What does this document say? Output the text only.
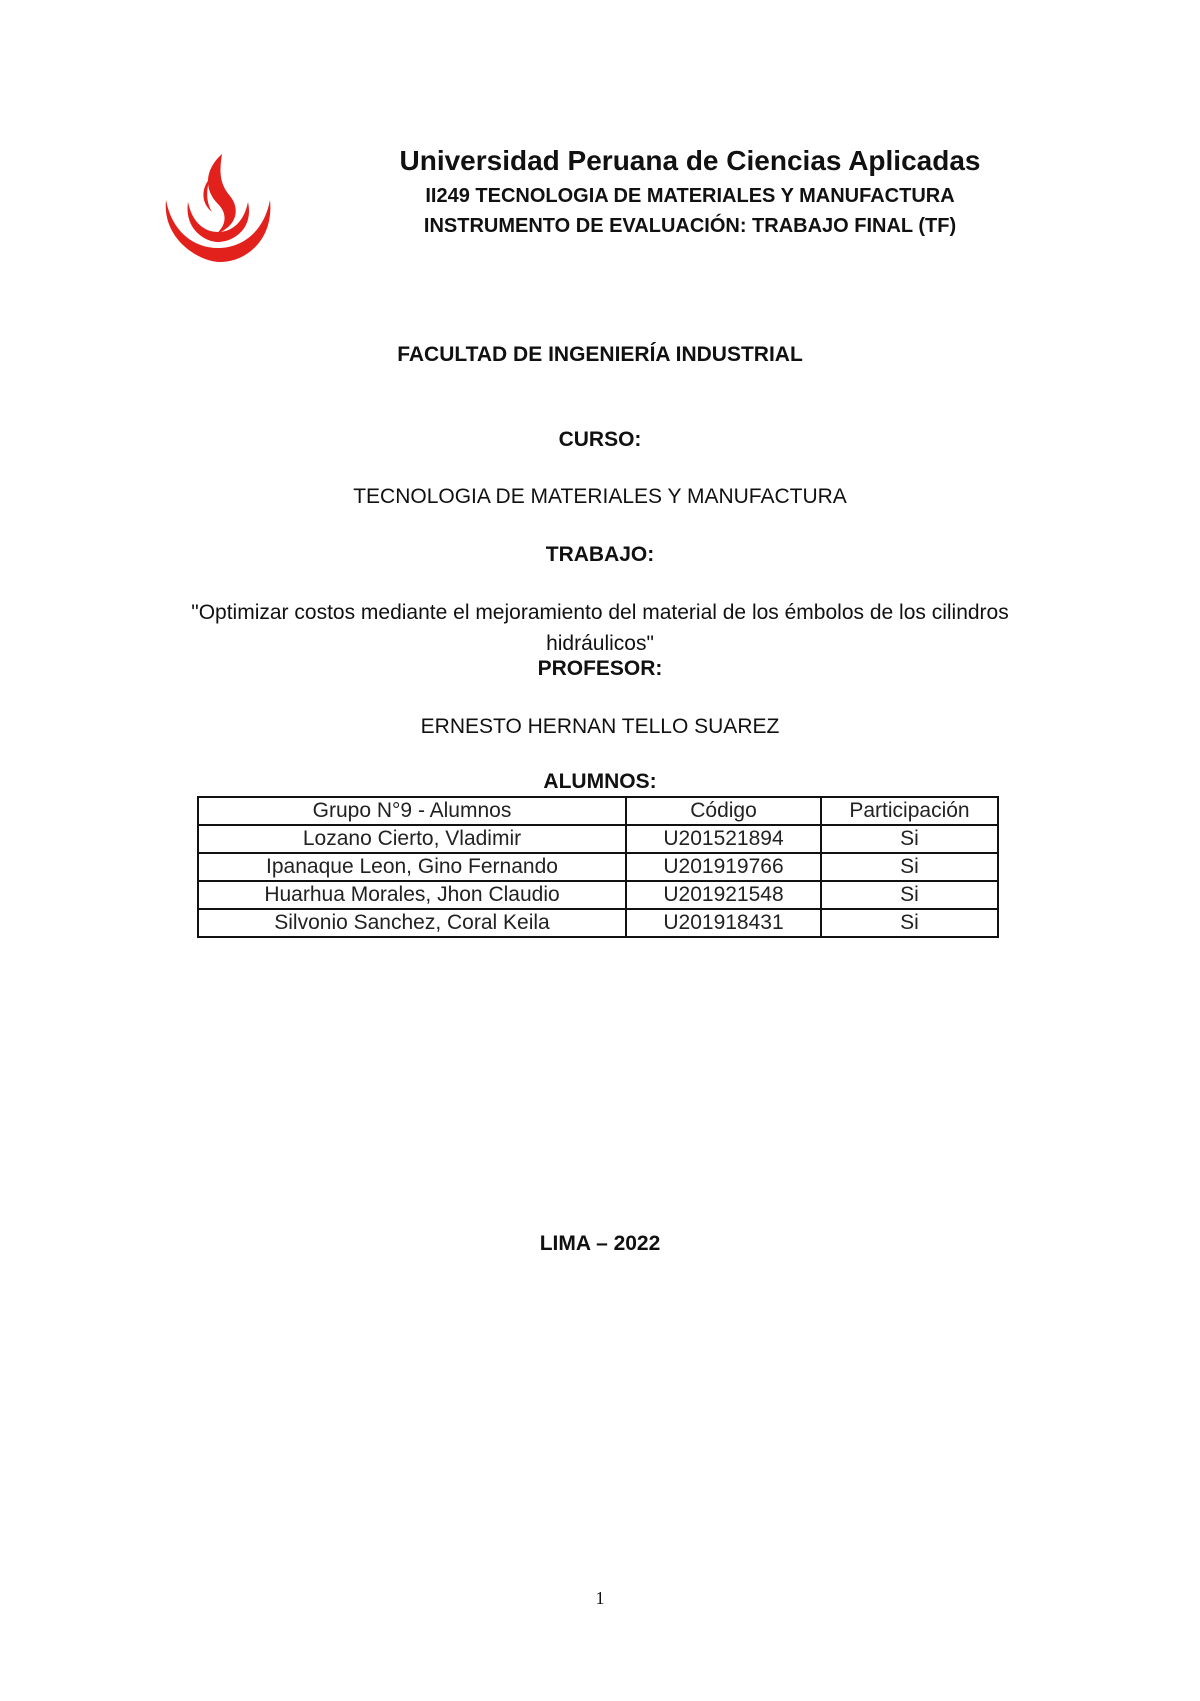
Universidad Peruana de Ciencias Aplicadas
II249 TECNOLOGIA DE MATERIALES Y MANUFACTURA
INSTRUMENTO DE EVALUACIÓN: TRABAJO FINAL (TF)
FACULTAD DE INGENIERÍA INDUSTRIAL
CURSO:
TECNOLOGIA DE MATERIALES Y MANUFACTURA
TRABAJO:
"Optimizar costos mediante el mejoramiento del material de los émbolos de los cilindros hidráulicos"
PROFESOR:
ERNESTO HERNAN TELLO SUAREZ
ALUMNOS:
Grupo N°9 - Alumnos	Código	Participación
Lozano Cierto, Vladimir	U201521894	Si
Ipanaque Leon, Gino Fernando	U201919766	Si
Huarhua Morales, Jhon Claudio	U201921548	Si
Silvonio Sanchez, Coral Keila	U201918431	Si
LIMA – 2022
1
